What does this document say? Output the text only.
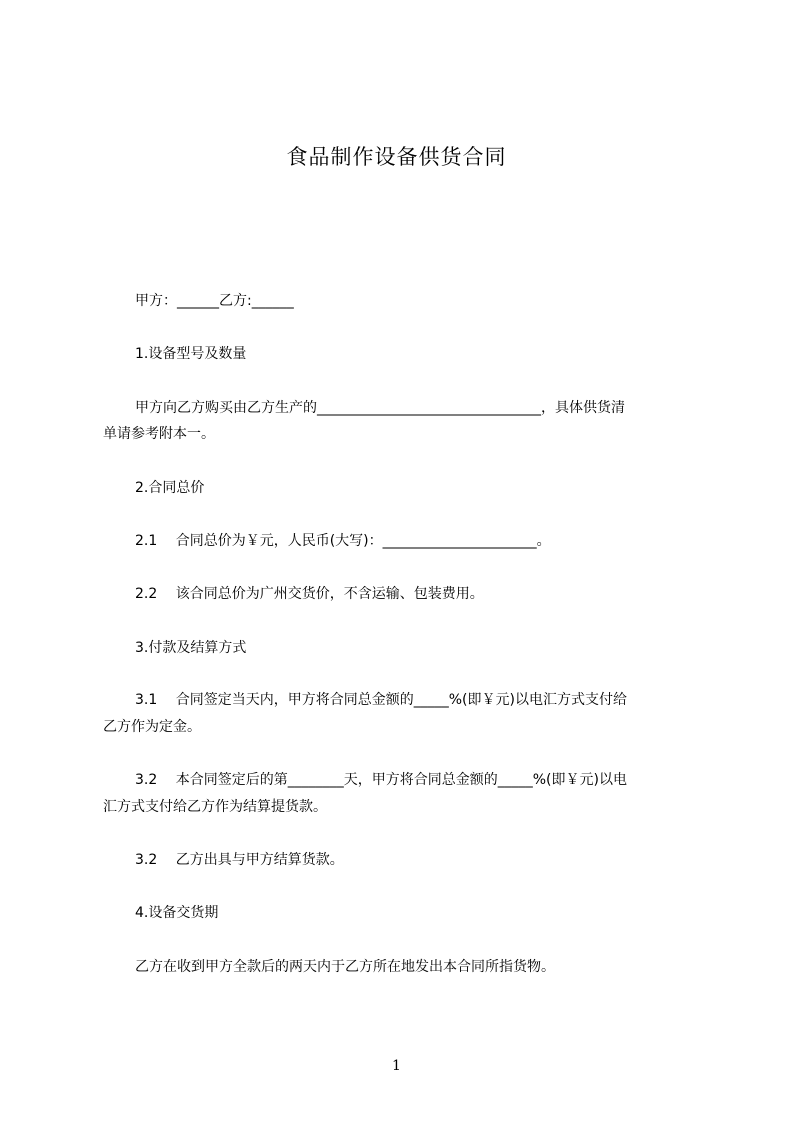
食品制作设备供货合同
甲方：______乙方:______
1.设备型号及数量
甲方向乙方购买由乙方生产的________________________________，具体供货清
单请参考附本一。
2.合同总价
2.1　 合同总价为￥元，人民币(大写)：______________________。
2.2　 该合同总价为广州交货价，不含运输、包装费用。
3.付款及结算方式
3.1　 合同签定当天内，甲方将合同总金额的_____%(即￥元)以电汇方式支付给
乙方作为定金。
3.2　 本合同签定后的第________天，甲方将合同总金额的_____%(即￥元)以电
汇方式支付给乙方作为结算提货款。
3.2　 乙方出具与甲方结算货款。
4.设备交货期
乙方在收到甲方全款后的两天内于乙方所在地发出本合同所指货物。
1
